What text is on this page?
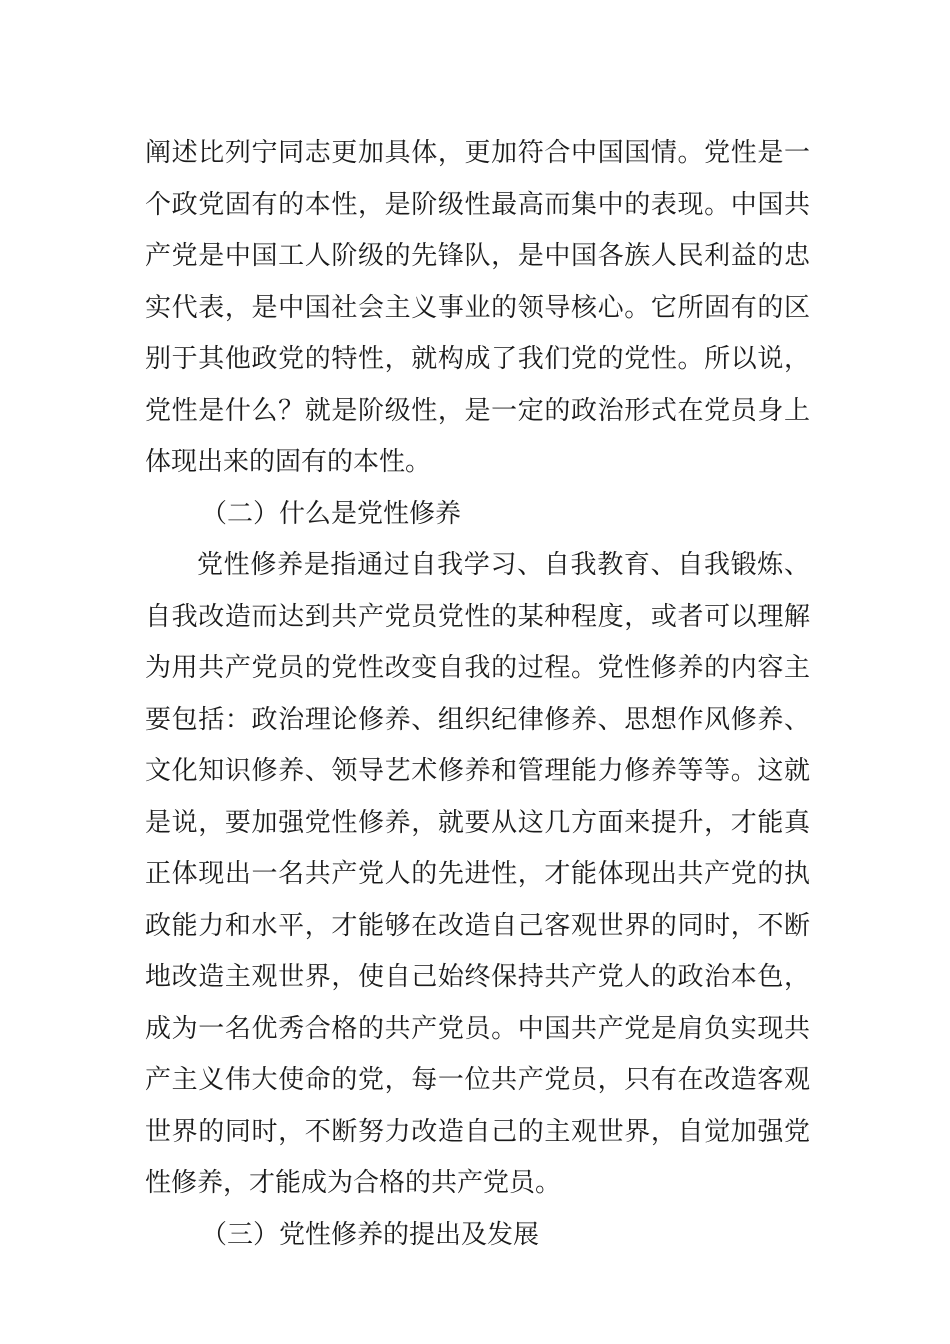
阐述比列宁同志更加具体，更加符合中国国情。党性是一
个政党固有的本性，是阶级性最高而集中的表现。中国共
产党是中国工人阶级的先锋队，是中国各族人民利益的忠
实代表，是中国社会主义事业的领导核心。它所固有的区
别于其他政党的特性，就构成了我们党的党性。所以说，
党性是什么？就是阶级性，是一定的政治形式在党员身上
体现出来的固有的本性。
（二）什么是党性修养
党性修养是指通过自我学习、自我教育、自我锻炼、
自我改造而达到共产党员党性的某种程度，或者可以理解
为用共产党员的党性改变自我的过程。党性修养的内容主
要包括：政治理论修养、组织纪律修养、思想作风修养、
文化知识修养、领导艺术修养和管理能力修养等等。这就
是说，要加强党性修养，就要从这几方面来提升，才能真
正体现出一名共产党人的先进性，才能体现出共产党的执
政能力和水平，才能够在改造自己客观世界的同时，不断
地改造主观世界，使自己始终保持共产党人的政治本色，
成为一名优秀合格的共产党员。中国共产党是肩负实现共
产主义伟大使命的党，每一位共产党员，只有在改造客观
世界的同时，不断努力改造自己的主观世界，自觉加强党
性修养，才能成为合格的共产党员。
（三）党性修养的提出及发展
